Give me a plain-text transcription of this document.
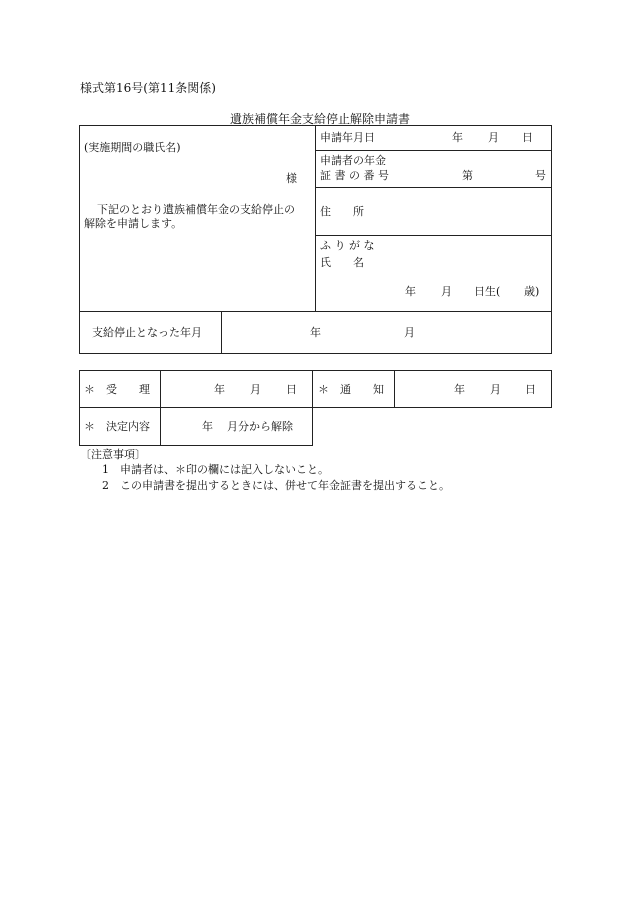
様式第16号(第11条関係)
遺族補償年金支給停止解除申請書
(実施期間の職氏名)
様
下記のとおり遺族補償年金の支給停止の
解除を申請します。
申請年月日	年 月 日
申請者の年金
証 書 の 番 号	第	号
住　　所
ふ り が な
氏　　名
年 月 日生( 歳)
支給停止となった年月	年	月
＊　受　　理	年 月 日 ＊　通　　知	年 月 日
＊　決定内容	年 月分から解除
〔注意事項〕
1　申請者は、＊印の欄には記入しないこと。
2　この申請書を提出するときには、併せて年金証書を提出すること。
